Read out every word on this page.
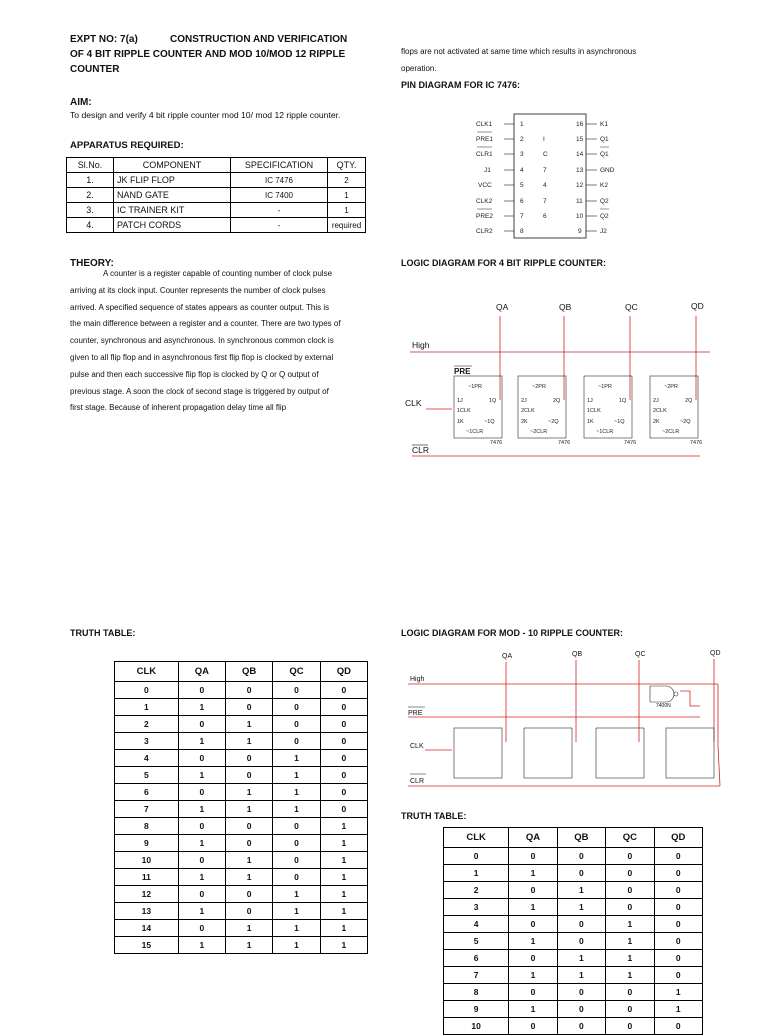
EXPT NO: 7(a)	CONSTRUCTION AND VERIFICATION
OF 4 BIT RIPPLE COUNTER AND MOD 10/MOD 12 RIPPLE
COUNTER
AIM:
To design and verify 4 bit ripple counter mod 10/ mod 12 ripple counter.
APPARATUS REQUIRED:
Sl.No.	COMPONENT	SPECIFICATION	QTY.
1.	JK FLIP FLOP	IC 7476	2
2.	NAND GATE	IC 7400	1
3.	IC TRAINER KIT	-	1
4.	PATCH CORDS	-	required
THEORY:

A counter is a register capable of counting number of clock pulse

arriving at its clock input. Counter represents the number of clock pulses

arrived. A specified sequence of states appears as counter output. This is

the main difference between a register and a counter. There are two types of

counter, synchronous and asynchronous. In synchronous common clock is

given to all flip flop and in asynchronous first flip flop is clocked by external

pulse and then each successive flip flop is clocked by Q or Q output of

previous stage. A soon the clock of second stage is triggered by output of

first stage. Because of inherent propagation delay time all flip

flops are not activated at same time which results in asynchronous

operation.

PIN DIAGRAM FOR IC 7476:
CLK1
PRE1
CLR1
J1
VCC
CLK2
PRE2
CLR2
1
2
3
4
5
6
7
8
I
C
7
4
7
6
16
15
14
13
12
11
10
9
K1
Q1
Q1
GND
K2
Q2
Q2
J2
LOGIC DIAGRAM FOR 4 BIT RIPPLE COUNTER:
QA	QB	QC	QD
High
PRE
CLK
CLR
~1PR
1J	1Q
1CLK
1K	~1Q
~1CLR
7476
~2PR
2J	2Q
2CLK
2K	~2Q
~2CLR
7476
~1PR
1J	1Q
1CLK
1K	~1Q
~1CLR
7476
~2PR
2J	2Q
2CLK
2K	~2Q
~2CLR
7476
TRUTH TABLE:
CLK	QA	QB	QC	QD
0	0	0	0	0
1	1	0	0	0
2	0	1	0	0
3	1	1	0	0
4	0	0	1	0
5	1	0	1	0
6	0	1	1	0
7	1	1	1	0
8	0	0	0	1
9	1	0	0	1
10	0	1	0	1
11	1	1	0	1
12	0	0	1	1
13	1	0	1	1
14	0	1	1	1
15	1	1	1	1
LOGIC DIAGRAM FOR MOD - 10 RIPPLE COUNTER:
QA	QB	QC	QD
High
PRE
CLK
CLR
7400N
TRUTH TABLE:
CLK	QA	QB	QC	QD
0	0	0	0	0
1	1	0	0	0
2	0	1	0	0
3	1	1	0	0
4	0	0	1	0
5	1	0	1	0
6	0	1	1	0
7	1	1	1	0
8	0	0	0	1
9	1	0	0	1
10	0	0	0	0
